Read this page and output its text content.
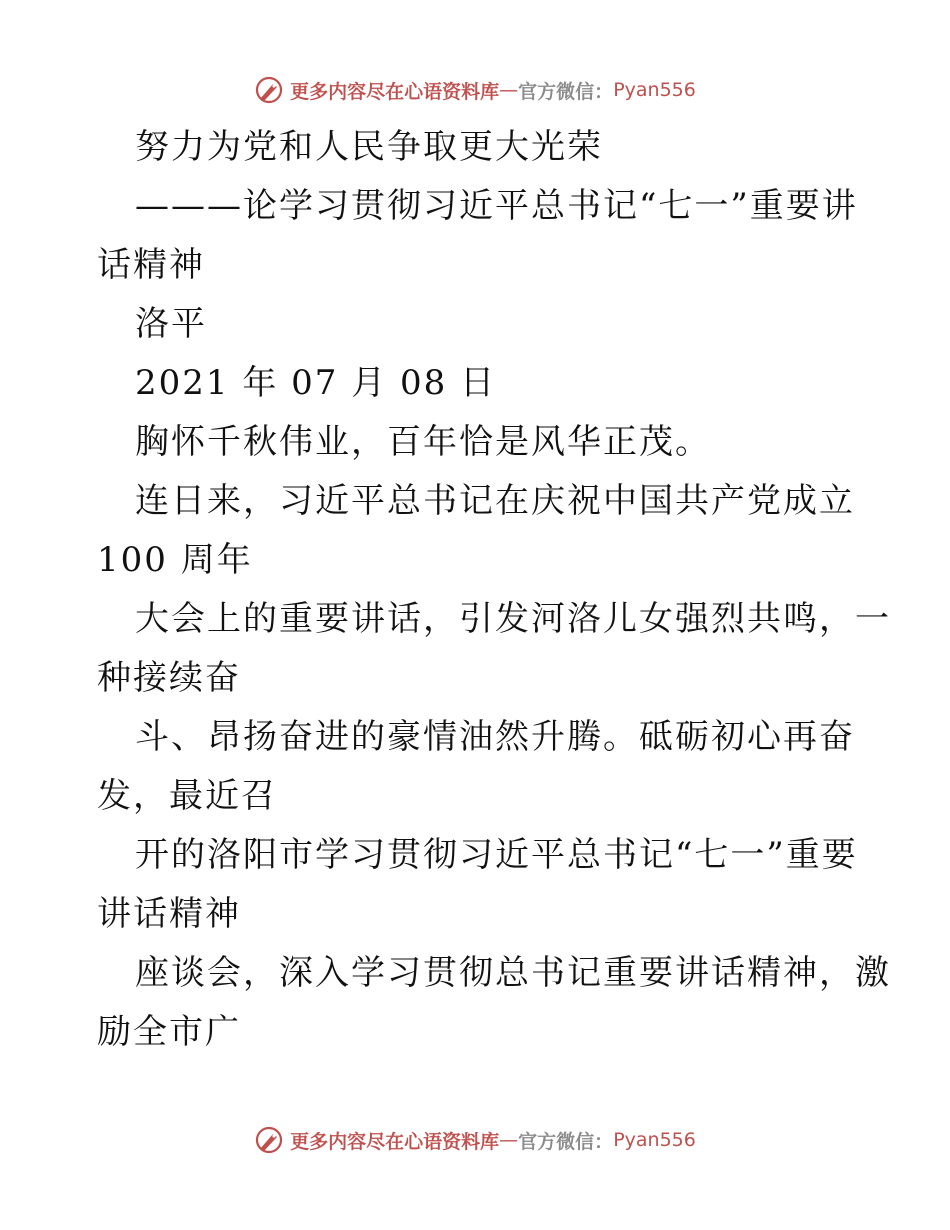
更多内容尽在心语资料库 — 官方微信： Pyan556
努力为党和人民争取更大光荣
———论学习贯彻习近平总书记“七一”重要讲
话精神
洛平
2021 年 07 月 08 日
胸怀千秋伟业，百年恰是风华正茂。
连日来，习近平总书记在庆祝中国共产党成立
100 周年
大会上的重要讲话，引发河洛儿女强烈共鸣，一
种接续奋
斗、昂扬奋进的豪情油然升腾。砥砺初心再奋
发，最近召
开的洛阳市学习贯彻习近平总书记“七一”重要
讲话精神
座谈会，深入学习贯彻总书记重要讲话精神，激
励全市广
更多内容尽在心语资料库 — 官方微信： Pyan556
